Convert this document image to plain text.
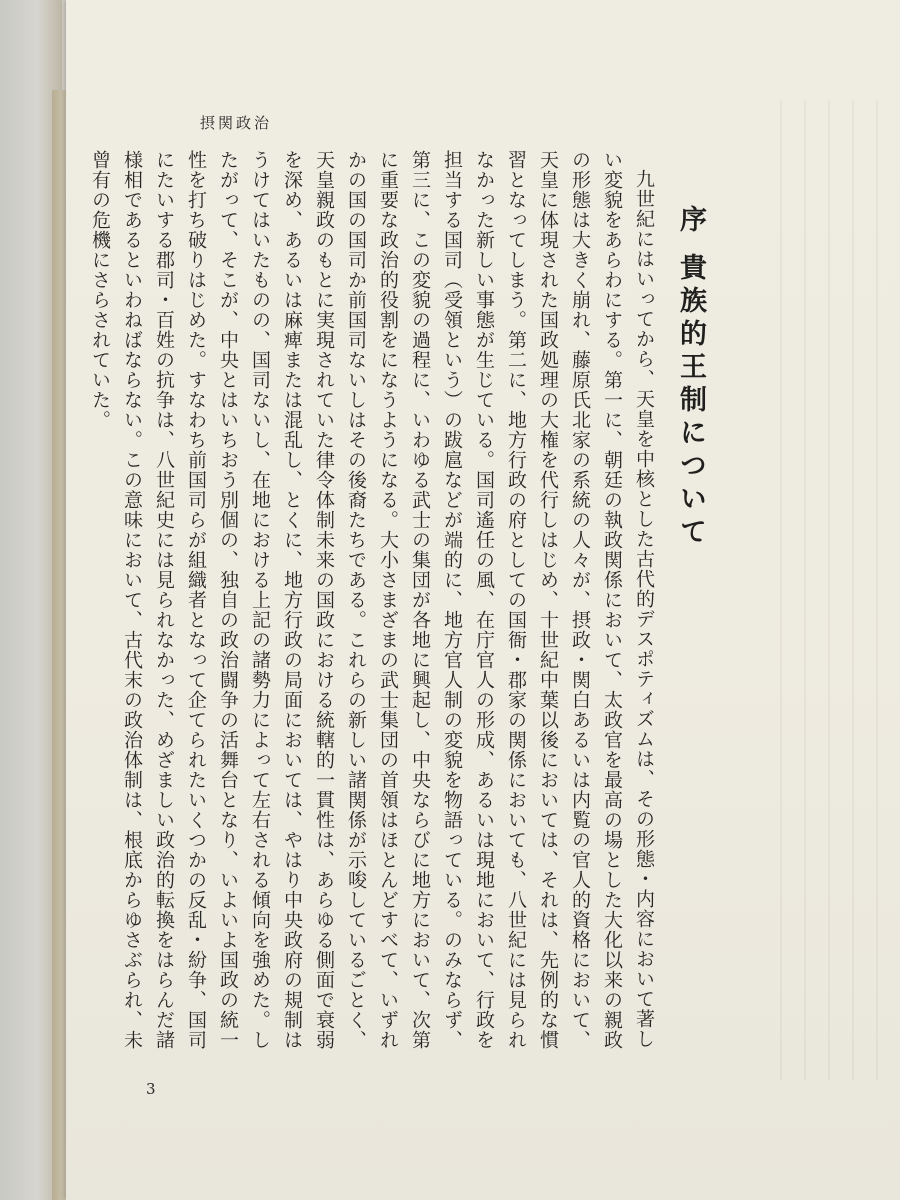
摂関政治
序 貴族的王制について

九世紀にはいってから、天皇を中核とした古代的デスポティズムは、その形態・内容において著しい変貌をあらわにする。第一に、朝廷の執政関係において、太政官を最高の場とした大化以来の親政の形態は大きく崩れ、藤原氏北家の系統の人々が、摂政・関白あるいは内覧の官人的資格において、天皇に体現された国政処理の大権を代行しはじめ、十世紀中葉以後においては、それは、先例的な慣習となってしまう。第二に、地方行政の府としての国衙・郡家の関係においても、八世紀には見られなかった新しい事態が生じている。国司遙任の風、在庁官人の形成、あるいは現地において、行政を担当する国司（受領という）の跋扈などが端的に、地方官人制の変貌を物語っている。のみならず、第三に、この変貌の過程に、いわゆる武士の集団が各地に興起し、中央ならびに地方において、次第に重要な政治的役割をになうようになる。大小さまざまの武士集団の首領はほとんどすべて、いずれかの国の国司か前国司ないしはその後裔たちである。これらの新しい諸関係が示唆しているごとく、天皇親政のもとに実現されていた律令体制未来の国政における統轄的一貫性は、あらゆる側面で衰弱を深め、あるいは麻痺または混乱し、とくに、地方行政の局面においては、やはり中央政府の規制はうけてはいたものの、国司ないし、在地における上記の諸勢力によって左右される傾向を強めた。したがって、そこが、中央とはいちおう別個の、独自の政治闘争の活舞台となり、いよいよ国政の統一性を打ち破りはじめた。すなわち前国司らが組織者となって企てられたいくつかの反乱・紛争、国司にたいする郡司・百姓の抗争は、八世紀史には見られなかった、めざましい政治的転換をはらんだ諸様相であるといわねばならない。この意味において、古代末の政治体制は、根底からゆさぶられ、未曾有の危機にさらされていた。

3
